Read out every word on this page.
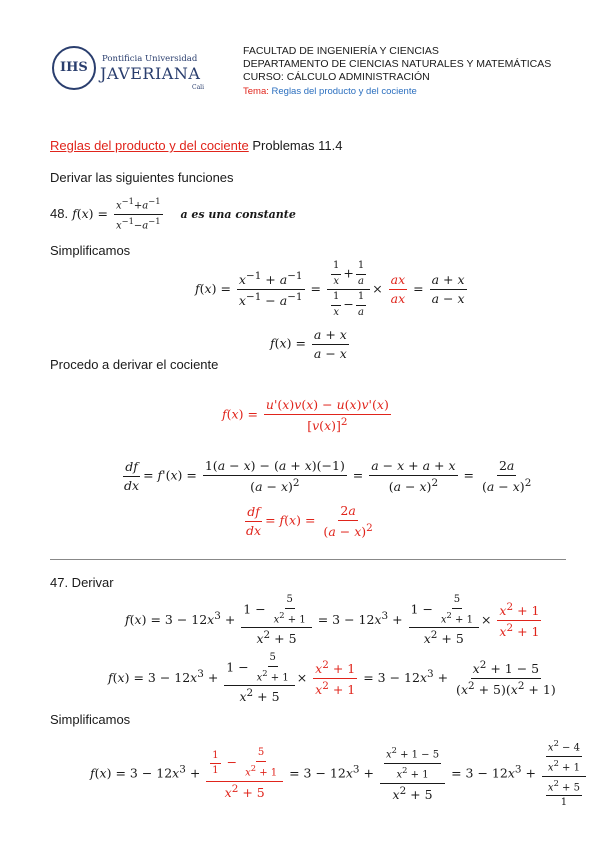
IHS
Pontificia Universidad
JAVERIANA
Cali
FACULTAD DE INGENIERÍA Y CIENCIAS
DEPARTAMENTO DE CIENCIAS NATURALES Y MATEMÁTICAS
CURSO: CÁLCULO ADMINISTRACIÓN
Tema: Reglas del producto y del cociente
Reglas del producto y del cociente Problemas 11.4
Derivar las siguientes funciones
48. $f(x) = \frac{x^{-1}+a^{-1}}{x^{-1}-a^{-1}}$ a es una constante
Simplificamos
$f(x) = \frac{x^{-1} + a^{-1}}{x^{-1} - a^{-1}} = \frac{\frac{1}{x} + \frac{1}{a}}{\frac{1}{x} - \frac{1}{a}} \times \frac{ax}{ax} = \frac{a + x}{a - x}$
$f(x) = \frac{a + x}{a - x}$
Procedo a derivar el cociente
$f(x) = \frac{u'(x)v(x) - u(x)v'(x)}{[v(x)]^2}$
$\frac{df}{dx} = f'(x) = \frac{1(a - x) - (a + x)(-1)}{(a - x)^2} = \frac{a - x + a + x}{(a - x)^2} = \frac{2a}{(a - x)^2}$
$\frac{df}{dx} = f(x) = \frac{2a}{(a - x)^2}$
47. Derivar
$f(x) = 3 - 12x^3 + \frac{1 - \frac{5}{x^2 + 1}}{x^2 + 5} = 3 - 12x^3 + \frac{1 - \frac{5}{x^2 + 1}}{x^2 + 5} \times \frac{x^2 + 1}{x^2 + 1}$
$f(x) = 3 - 12x^3 + \frac{1 - \frac{5}{x^2 + 1}}{x^2 + 5} \times \frac{x^2 + 1}{x^2 + 1} = 3 - 12x^3 + \frac{x^2 + 1 - 5}{(x^2 + 5)(x^2 + 1)}$
Simplificamos
$f(x) = 3 - 12x^3 + \frac{\frac{1}{1} - \frac{5}{x^2 + 1}}{x^2 + 5} = 3 - 12x^3 + \frac{\frac{x^2 + 1 - 5}{x^2 + 1}}{x^2 + 5} = 3 - 12x^3 + \frac{\frac{x^2 - 4}{x^2 + 1}}{\frac{x^2 + 5}{1}}$
